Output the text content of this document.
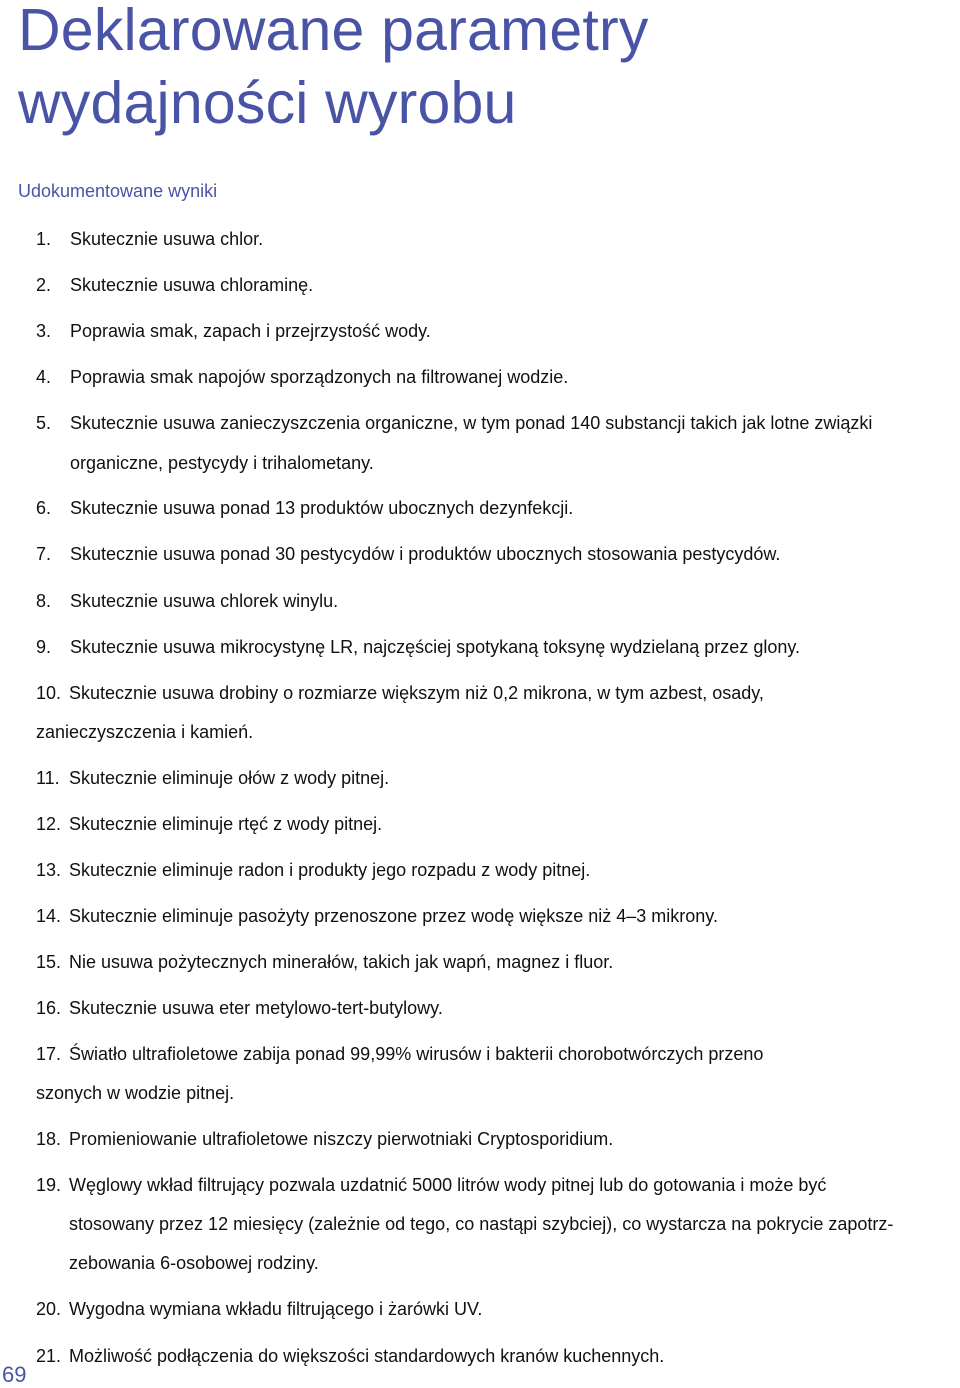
Deklarowane parametry
wydajności wyrobu
Udokumentowane wyniki
1. Skutecznie usuwa chlor.
2. Skutecznie usuwa chloraminę.
3. Poprawia smak, zapach i przejrzystość wody.
4. Poprawia smak napojów sporządzonych na filtrowanej wodzie.
5. Skutecznie usuwa zanieczyszczenia organiczne, w tym ponad 140 substancji takich jak lotne związki
organiczne, pestycydy i trihalometany.
6. Skutecznie usuwa ponad 13 produktów ubocznych dezynfekcji.
7. Skutecznie usuwa ponad 30 pestycydów i produktów ubocznych stosowania pestycydów.
8. Skutecznie usuwa chlorek winylu.
9. Skutecznie usuwa mikrocystynę LR, najczęściej spotykaną toksynę wydzielaną przez glony.
10. Skutecznie usuwa drobiny o rozmiarze większym niż 0,2 mikrona, w tym azbest, osady,
zanieczyszczenia i kamień.
11. Skutecznie eliminuje ołów z wody pitnej.
12. Skutecznie eliminuje rtęć z wody pitnej.
13. Skutecznie eliminuje radon i produkty jego rozpadu z wody pitnej.
14. Skutecznie eliminuje pasożyty przenoszone przez wodę większe niż 4–3 mikrony.
15. Nie usuwa pożytecznych minerałów, takich jak wapń, magnez i fluor.
16. Skutecznie usuwa eter metylowo-tert-butylowy.
17. Światło ultrafioletowe zabija ponad 99,99% wirusów i bakterii chorobotwórczych przeno
szonych w wodzie pitnej.
18. Promieniowanie ultrafioletowe niszczy pierwotniaki Cryptosporidium.
19. Węglowy wkład filtrujący pozwala uzdatnić 5000 litrów wody pitnej lub do gotowania i może być
stosowany przez 12 miesięcy (zależnie od tego, co nastąpi szybciej), co wystarcza na pokrycie zapotrz-
zebowania 6-osobowej rodziny.
20. Wygodna wymiana wkładu filtrującego i żarówki UV.
21. Możliwość podłączenia do większości standardowych kranów kuchennych.
69
